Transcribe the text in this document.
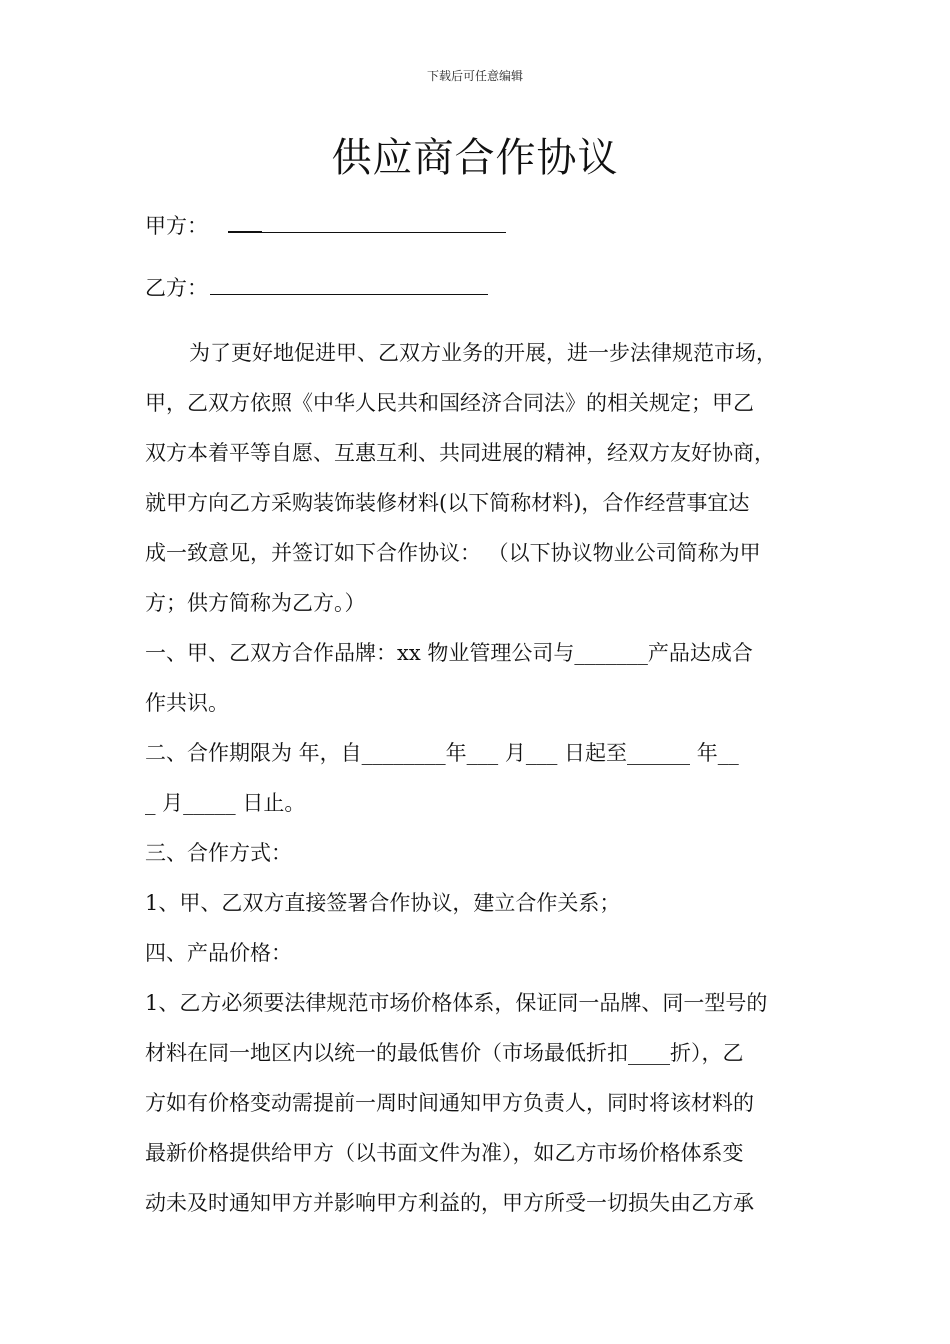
下载后可任意编辑
供应商合作协议
甲方：
乙方：
为了更好地促进甲、乙双方业务的开展，进一步法律规范市场，
甲，乙双方依照《中华人民共和国经济合同法》的相关规定；甲乙
双方本着平等自愿、互惠互利、共同进展的精神，经双方友好协商，
就甲方向乙方采购装饰装修材料(以下简称材料)，合作经营事宜达
成一致意见，并签订如下合作协议： （以下协议物业公司简称为甲
方；供方简称为乙方。）
一、甲、乙双方合作品牌：xx 物业管理公司与_______产品达成合
作共识。
二、合作期限为 年，自________年___ 月___ 日起至______ 年__
_ 月_____ 日止。
三、合作方式：
1、甲、乙双方直接签署合作协议，建立合作关系；
四、产品价格：
1、乙方必须要法律规范市场价格体系，保证同一品牌、同一型号的
材料在同一地区内以统一的最低售价（市场最低折扣____折），乙
方如有价格变动需提前一周时间通知甲方负责人，同时将该材料的
最新价格提供给甲方（以书面文件为准），如乙方市场价格体系变
动未及时通知甲方并影响甲方利益的，甲方所受一切损失由乙方承
